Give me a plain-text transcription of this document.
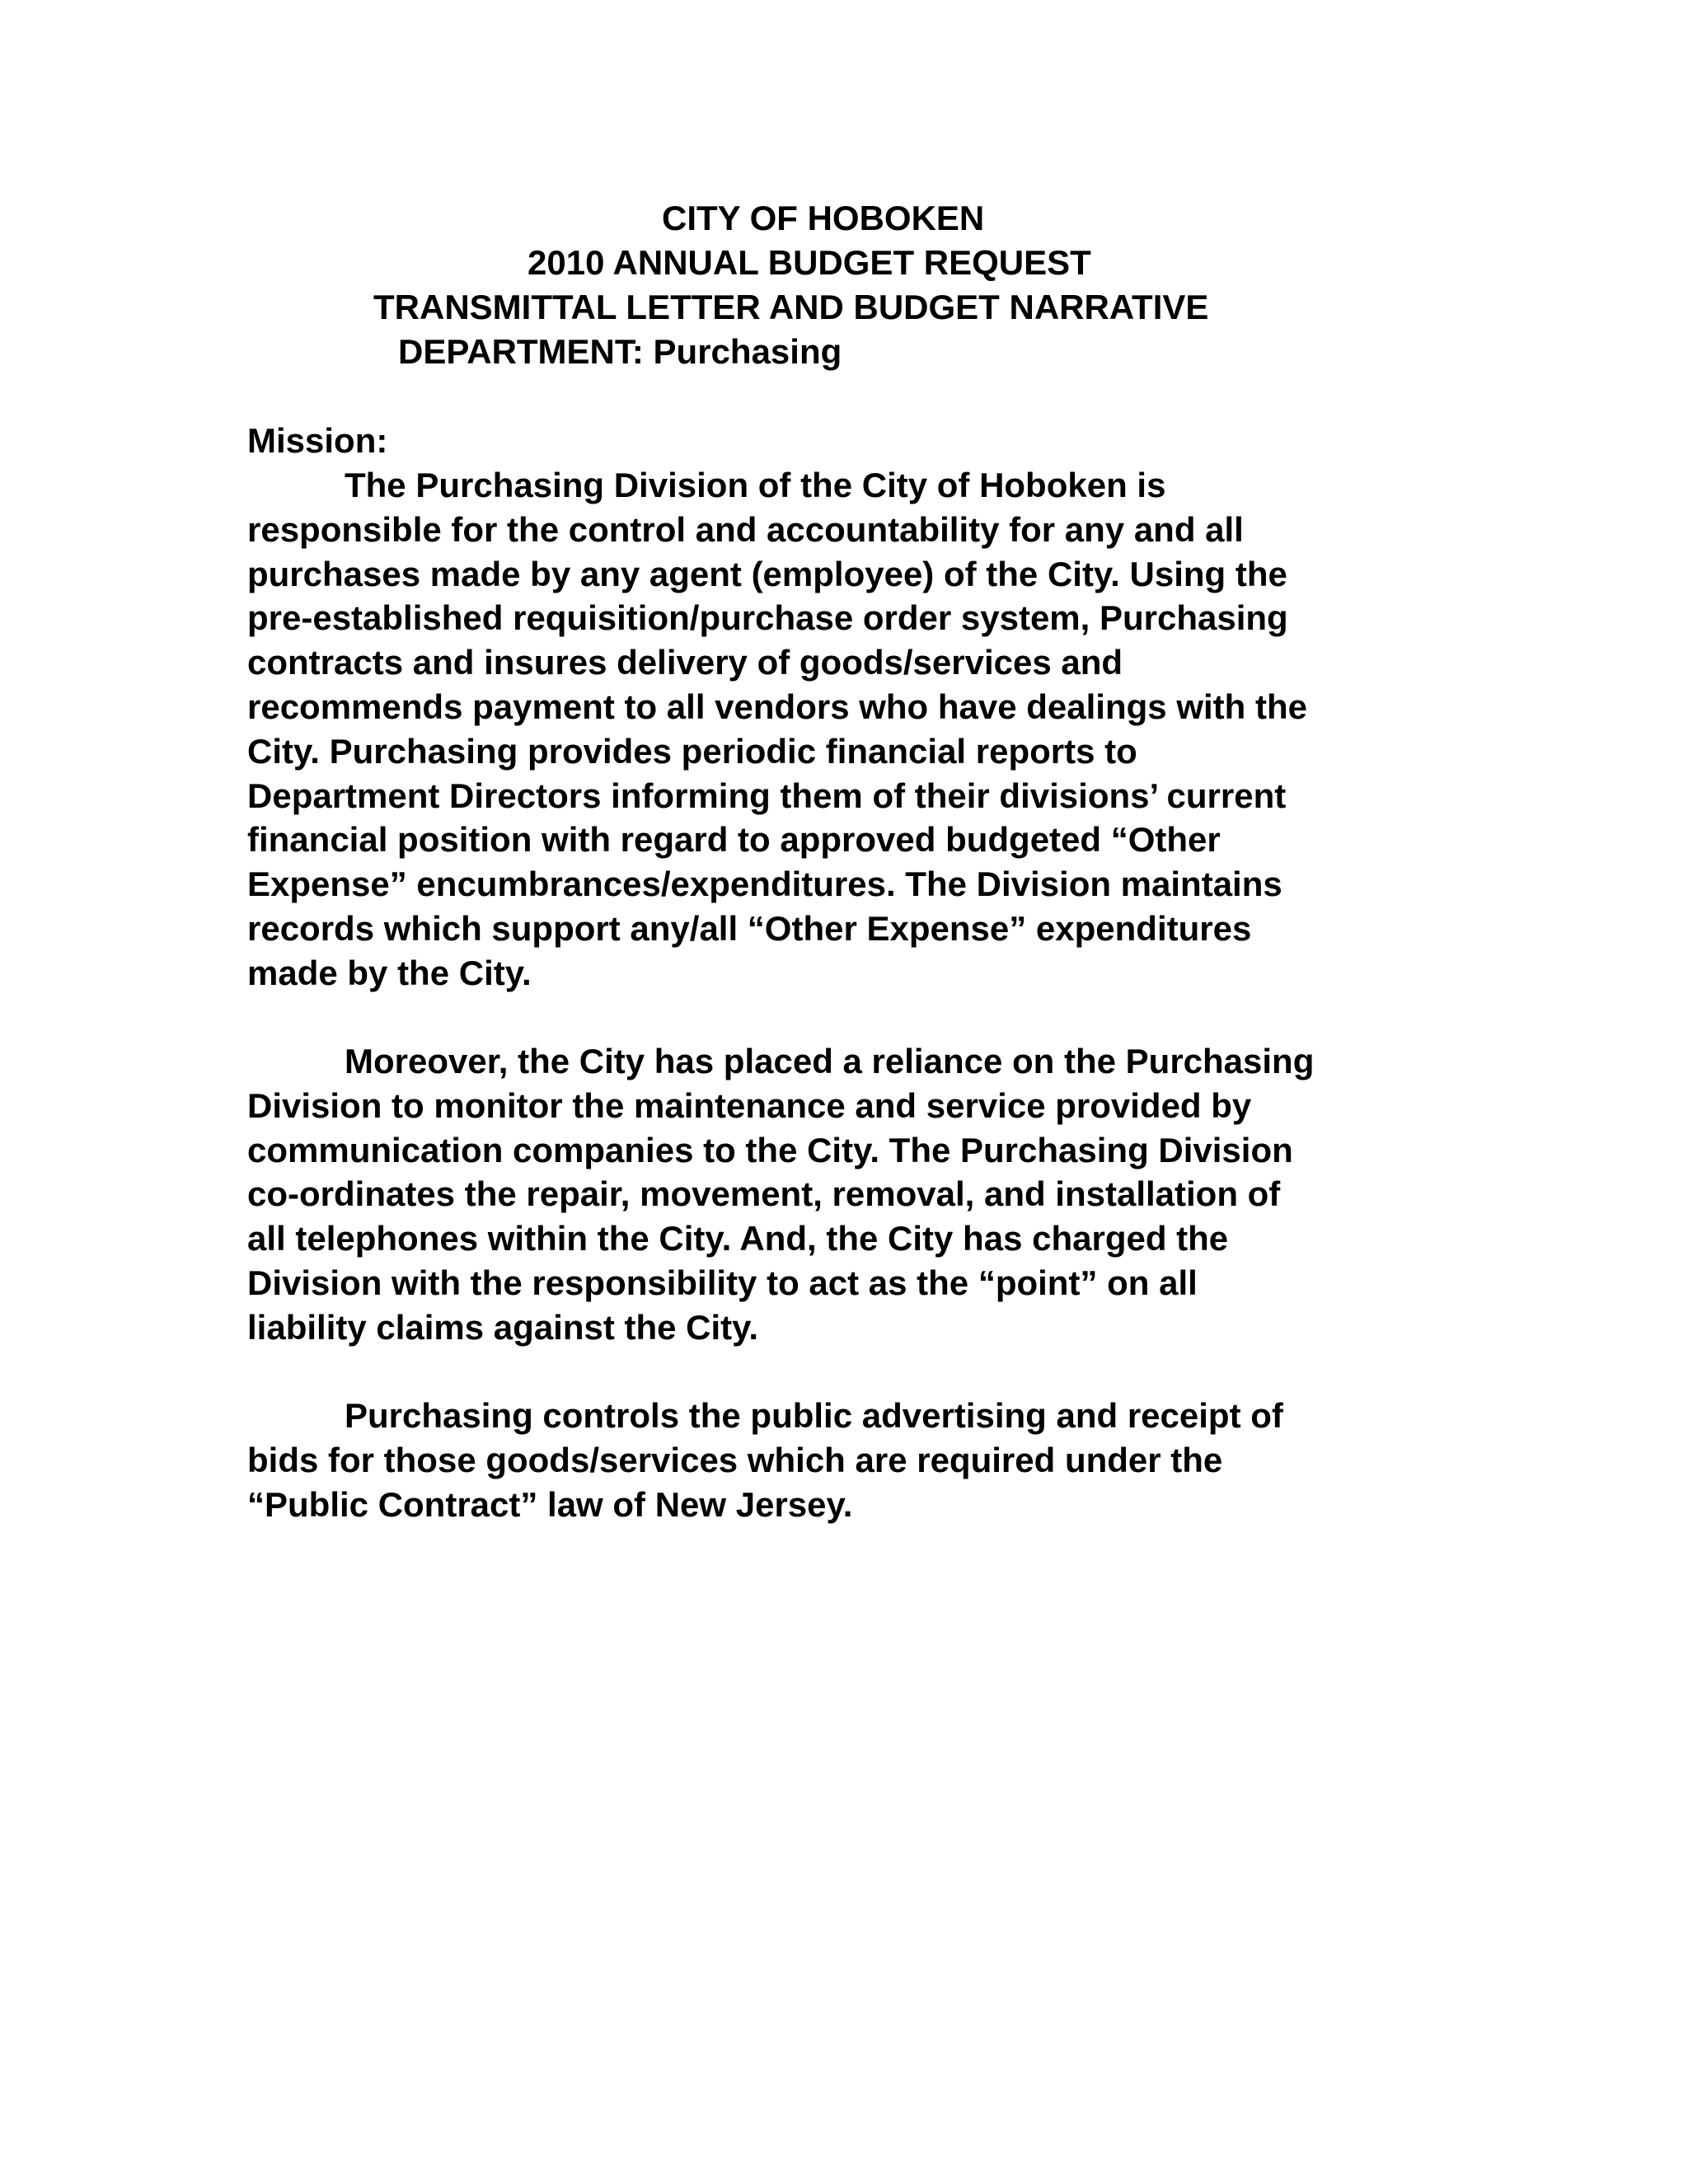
CITY OF HOBOKEN
2010 ANNUAL BUDGET REQUEST
TRANSMITTAL LETTER AND BUDGET NARRATIVE
DEPARTMENT: Purchasing
Mission:
The Purchasing Division of the City of Hoboken is
responsible for the control and accountability for any and all
purchases made by any agent (employee) of the City. Using the
pre-established requisition/purchase order system, Purchasing
contracts and insures delivery of goods/services and
recommends payment to all vendors who have dealings with the
City. Purchasing provides periodic financial reports to
Department Directors informing them of their divisions’ current
financial position with regard to approved budgeted “Other
Expense” encumbrances/expenditures. The Division maintains
records which support any/all “Other Expense” expenditures
made by the City.
Moreover, the City has placed a reliance on the Purchasing
Division to monitor the maintenance and service provided by
communication companies to the City. The Purchasing Division
co-ordinates the repair, movement, removal, and installation of
all telephones within the City. And, the City has charged the
Division with the responsibility to act as the “point” on all
liability claims against the City.
Purchasing controls the public advertising and receipt of
bids for those goods/services which are required under the
“Public Contract” law of New Jersey.
